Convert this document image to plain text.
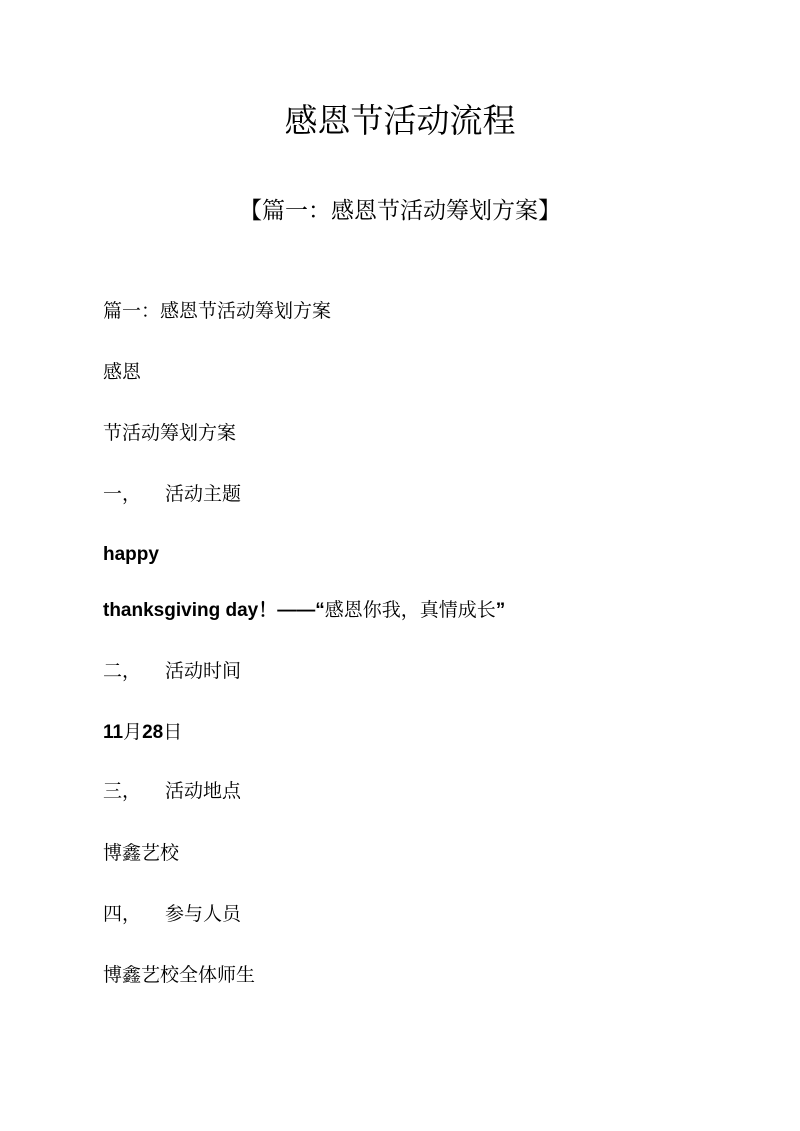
感恩节活动流程

【篇一：感恩节活动筹划方案】

篇一：感恩节活动筹划方案

感恩

节活动筹划方案

一， 活动主题

happy

thanksgiving day！——“感恩你我，真情成长”

二， 活动时间

11月28日

三， 活动地点

博鑫艺校

四， 参与人员

博鑫艺校全体师生
